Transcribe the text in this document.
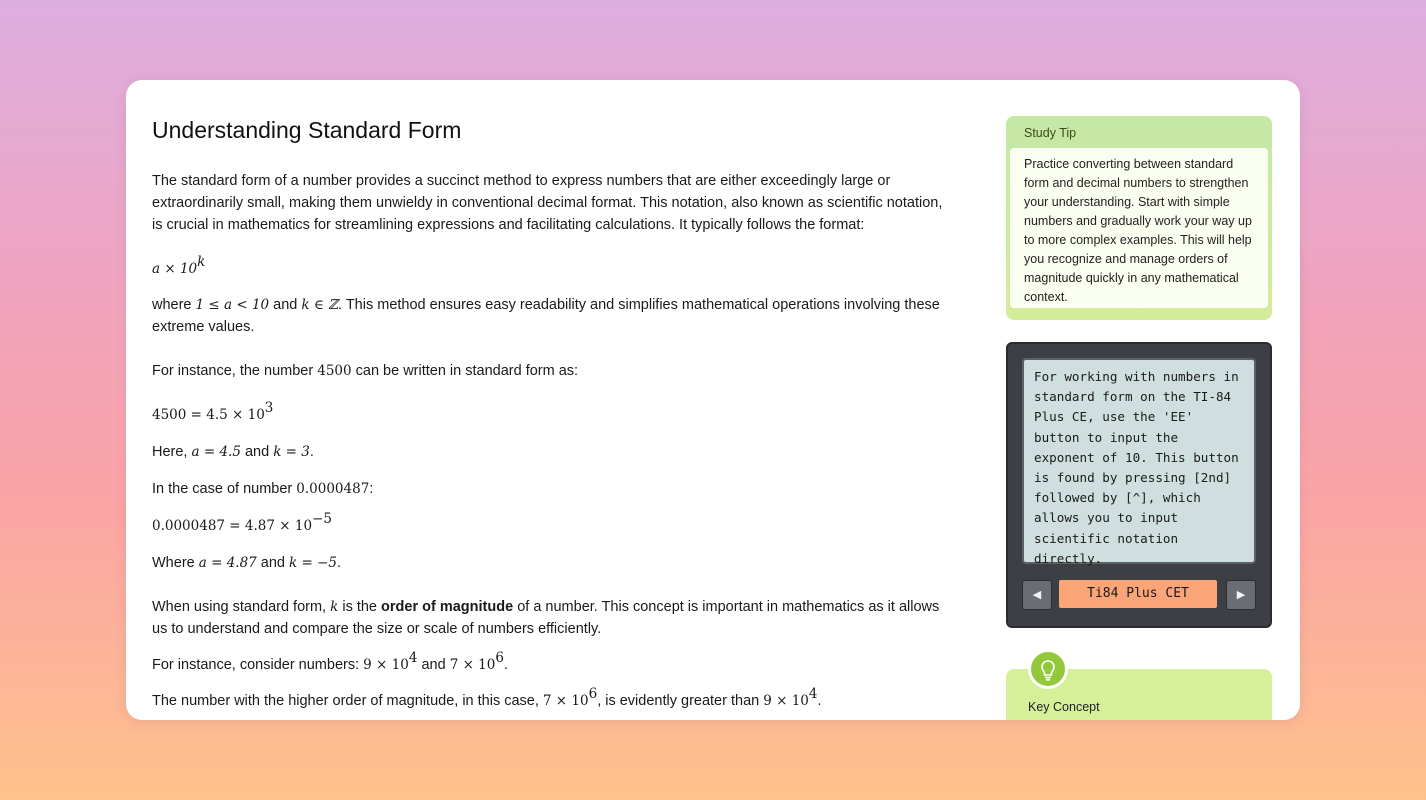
Understanding Standard Form

The standard form of a number provides a succinct method to express numbers that are either exceedingly large or extraordinarily small, making them unwieldy in conventional decimal format. This notation, also known as scientific notation, is crucial in mathematics for streamlining expressions and facilitating calculations. It typically follows the format:

$a \times 10^k$

where 1 ≤ a < 10 and k ∈ ℤ. This method ensures easy readability and simplifies mathematical operations involving these extreme values.

For instance, the number 4500 can be written in standard form as:

$4500 = 4.5 \times 10^3$

Here, a = 4.5 and k = 3.

In the case of number 0.0000487:

$0.0000487 = 4.87 \times 10^{-5}$

Where a = 4.87 and k = −5.

When using standard form, k is the order of magnitude of a number. This concept is important in mathematics as it allows us to understand and compare the size or scale of numbers efficiently.

For instance, consider numbers: $9 \times 10^4$ and $7 \times 10^6$.

The number with the higher order of magnitude, in this case, $7 \times 10^6$, is evidently greater than $9 \times 10^4$.

Study Tip
Practice converting between standard form and decimal numbers to strengthen your understanding. Start with simple numbers and gradually work your way up to more complex examples. This will help you recognize and manage orders of magnitude quickly in any mathematical context.
For working with numbers in standard form on the TI-84 Plus CE, use the 'EE' button to input the exponent of 10. This button is found by pressing [2nd] followed by [^], which allows you to input scientific notation directly.
◀	Ti84 Plus CET	▶
Key Concept
